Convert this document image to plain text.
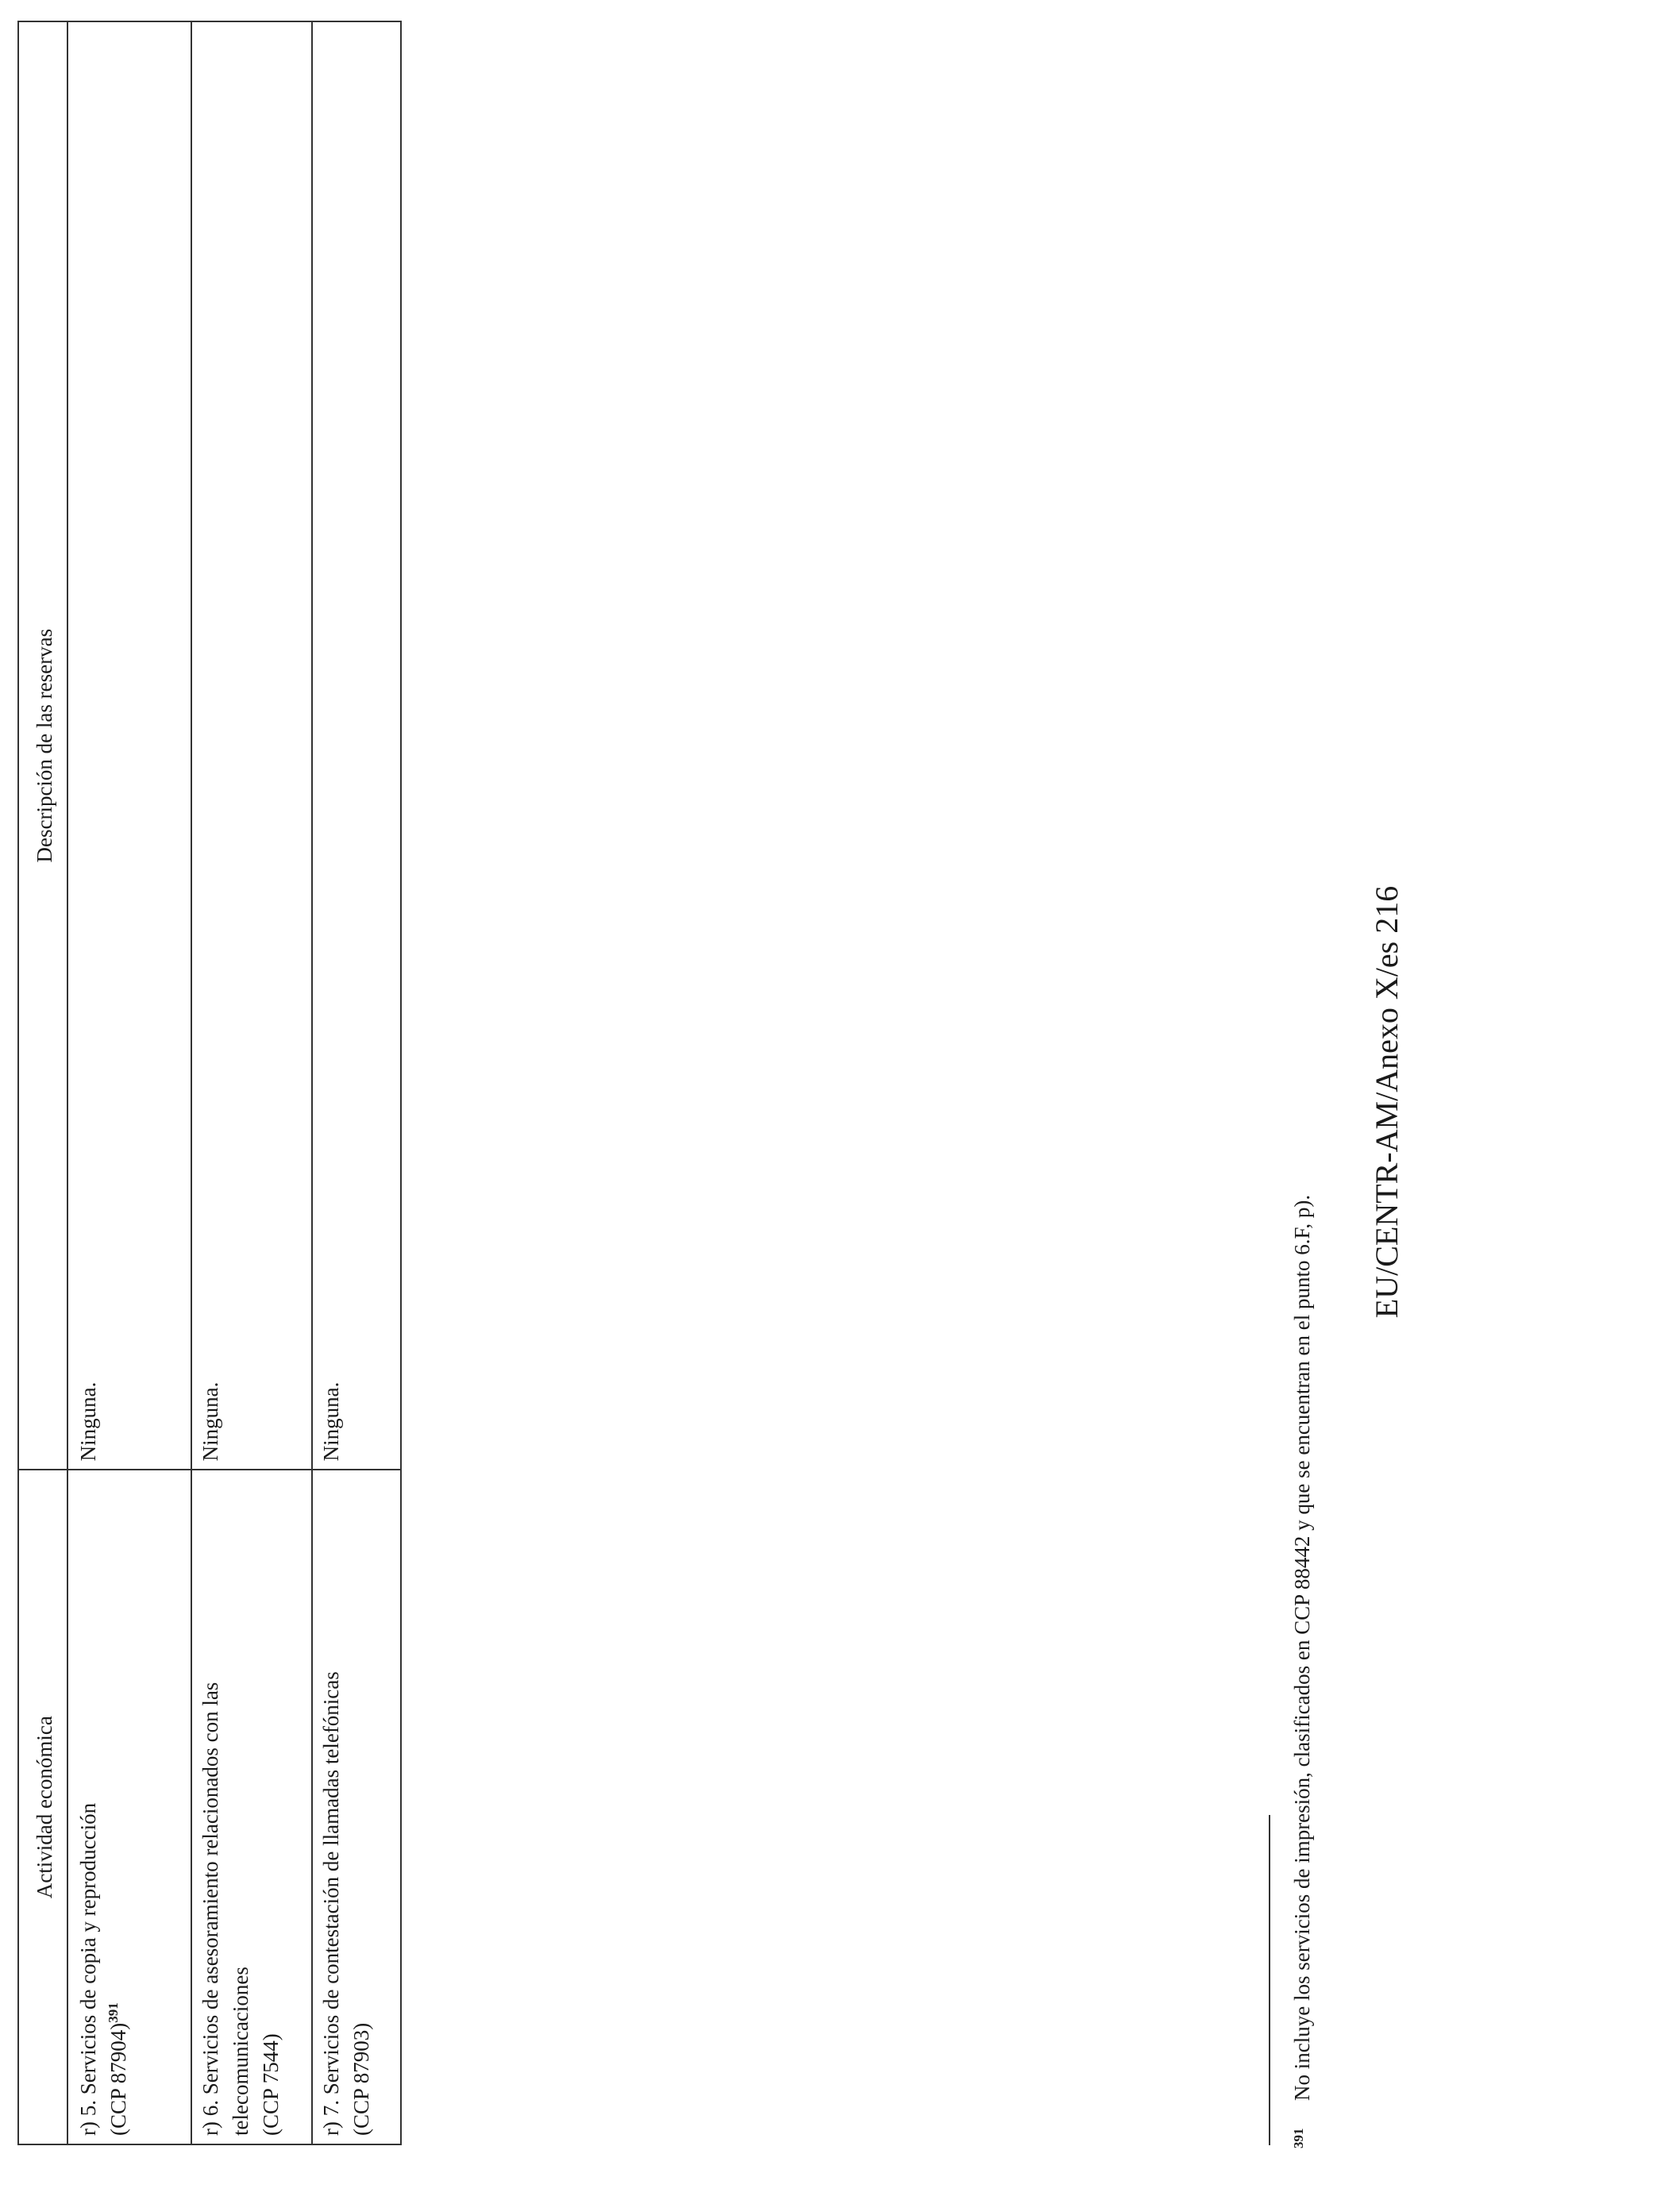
Actividad económica	Descripción de las reservas

r) 5. Servicios de copia y reproducción (CCP 87904)$^{391}$	Ninguna.

r) 6. Servicios de asesoramiento relacionados con las telecomunicaciones (CCP 7544)	Ninguna.

r) 7. Servicios de contestación de llamadas telefónicas (CCP 87903)	Ninguna.
391No incluye los servicios de impresión, clasificados en CCP 88442 y que se encuentran en el punto 6.F, p).
EU/CENTR-AM/Anexo X/es 216
